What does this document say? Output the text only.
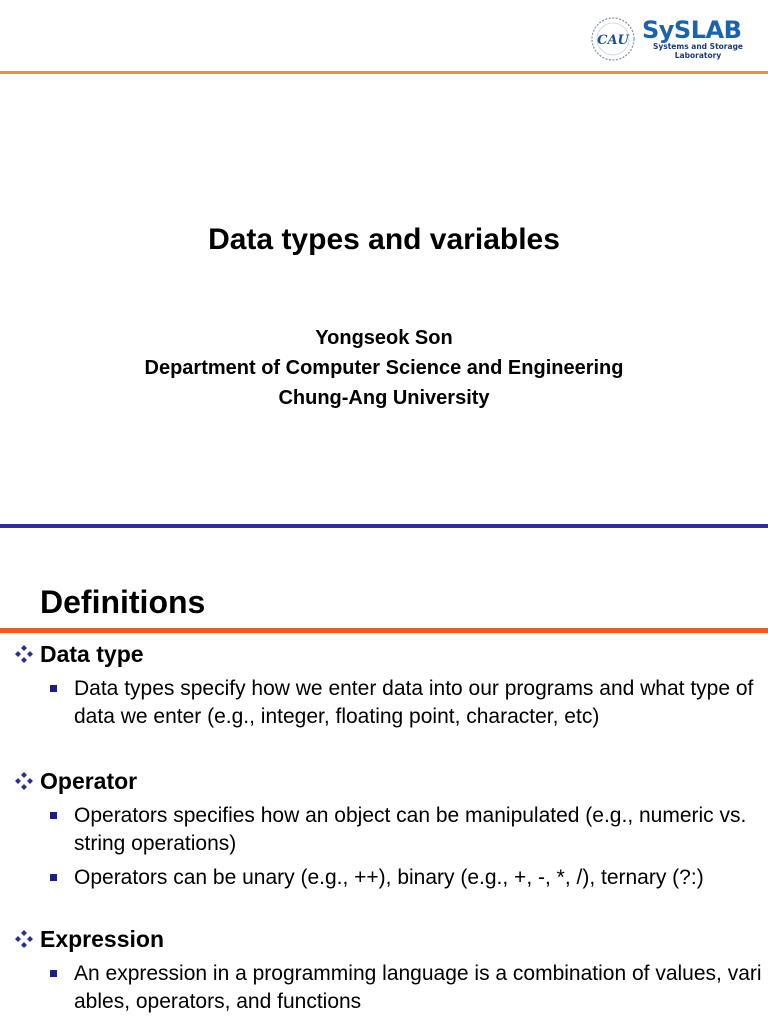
CAU SySLAB
Systems and Storage
Laboratory
Data types and variables
Yongseok Son
Department of Computer Science and Engineering
Chung-Ang University
Definitions
Data type
Data types specify how we enter data into our programs and what type of data we enter (e.g., integer, floating point, character, etc)
Operator
Operators specifies how an object can be manipulated (e.g., numeric vs. string operations)
Operators can be unary (e.g., ++), binary (e.g., +, -, *, /), ternary (?:)
Expression
An expression in a programming language is a combination of values, variables, operators, and functions
